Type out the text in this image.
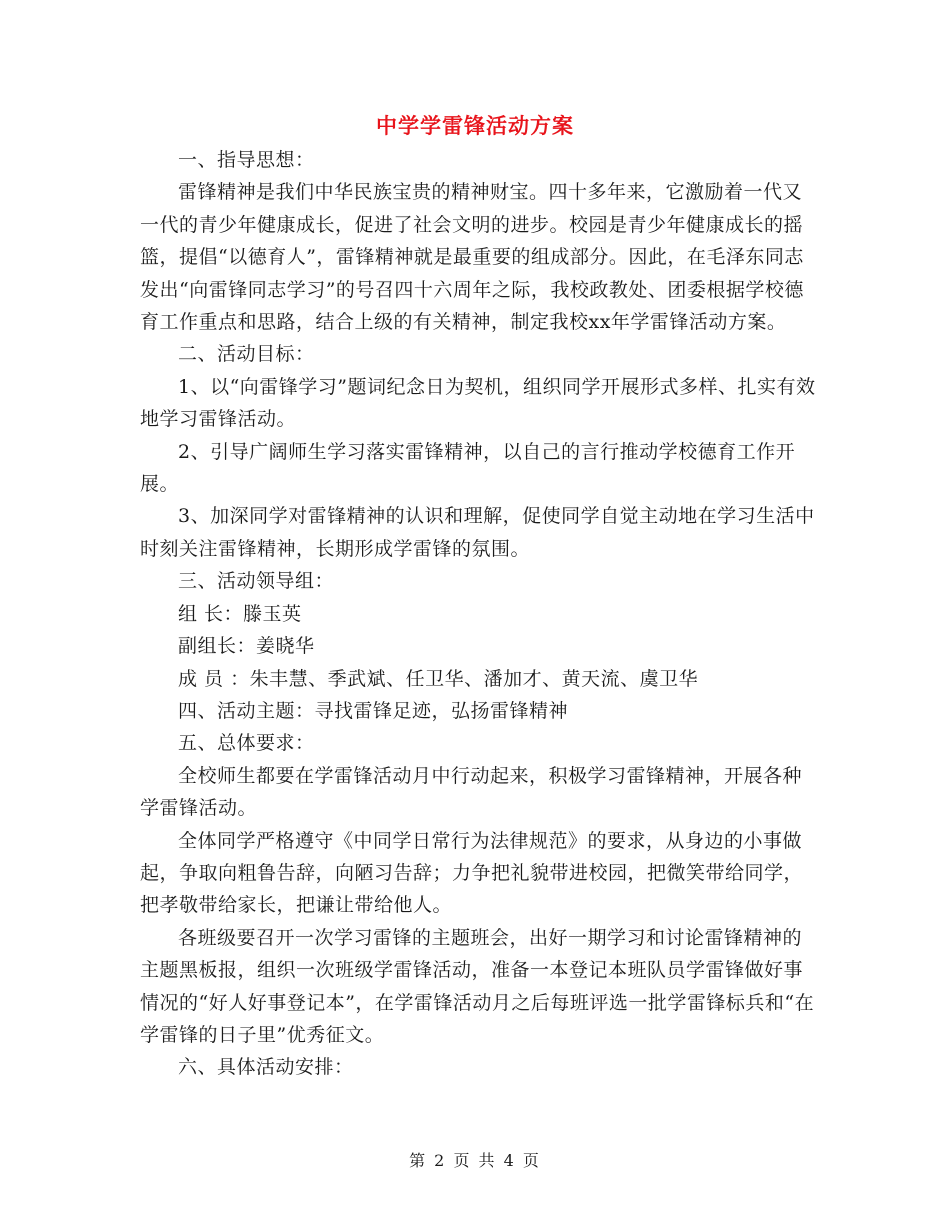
中学学雷锋活动方案

一、指导思想：

雷锋精神是我们中华民族宝贵的精神财宝。四十多年来，它激励着一代又一代的青少年健康成长，促进了社会文明的进步。校园是青少年健康成长的摇篮，提倡“以德育人”，雷锋精神就是最重要的组成部分。因此，在毛泽东同志发出“向雷锋同志学习”的号召四十六周年之际，我校政教处、团委根据学校德育工作重点和思路，结合上级的有关精神，制定我校xx年学雷锋活动方案。

二、活动目标：

1、以“向雷锋学习”题词纪念日为契机，组织同学开展形式多样、扎实有效地学习雷锋活动。

2、引导广阔师生学习落实雷锋精神，以自己的言行推动学校德育工作开展。

3、加深同学对雷锋精神的认识和理解，促使同学自觉主动地在学习生活中时刻关注雷锋精神，长期形成学雷锋的氛围。

三、活动领导组：

组 长：滕玉英

副组长：姜晓华

成 员 ：朱丰慧、季武斌、任卫华、潘加才、黄天流、虞卫华

四、活动主题：寻找雷锋足迹，弘扬雷锋精神

五、总体要求：

全校师生都要在学雷锋活动月中行动起来，积极学习雷锋精神，开展各种学雷锋活动。

全体同学严格遵守《中同学日常行为法律规范》的要求，从身边的小事做起，争取向粗鲁告辞，向陋习告辞；力争把礼貌带进校园，把微笑带给同学，把孝敬带给家长，把谦让带给他人。

各班级要召开一次学习雷锋的主题班会，出好一期学习和讨论雷锋精神的主题黑板报，组织一次班级学雷锋活动，准备一本登记本班队员学雷锋做好事情况的“好人好事登记本”，在学雷锋活动月之后每班评选一批学雷锋标兵和“在学雷锋的日子里”优秀征文。

六、具体活动安排：

第 2 页 共 4 页
